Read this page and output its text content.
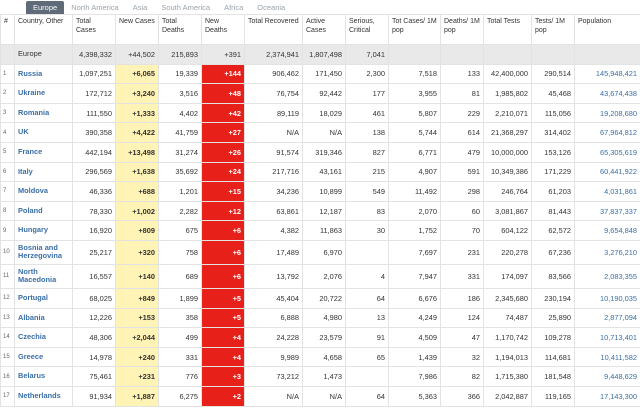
Europe	North America	Asia	South America	Africa	Oceania
#	Country, Other	Total Cases	New Cases	Total Deaths	New Deaths	Total Recovered	Active Cases	Serious, Critical	Tot Cases/ 1M pop	Deaths/ 1M pop	Total Tests	Tests/ 1M pop	Population
	Europe	4,398,332	+44,502	215,893	+391	2,374,941	1,807,498	7,041					
1	Russia	1,097,251	+6,065	19,339	+144	906,462	171,450	2,300	7,518	133	42,400,000	290,514	145,948,421
2	Ukraine	172,712	+3,240	3,516	+48	76,754	92,442	177	3,955	81	1,985,802	45,468	43,674,438
3	Romania	111,550	+1,333	4,402	+42	89,119	18,029	461	5,807	229	2,210,071	115,056	19,208,680
4	UK	390,358	+4,422	41,759	+27	N/A	N/A	138	5,744	614	21,368,297	314,402	67,964,812
5	France	442,194	+13,498	31,274	+26	91,574	319,346	827	6,771	479	10,000,000	153,126	65,305,619
6	Italy	296,569	+1,638	35,692	+24	217,716	43,161	215	4,907	591	10,349,386	171,229	60,441,922
7	Moldova	46,336	+688	1,201	+15	34,236	10,899	549	11,492	298	246,764	61,203	4,031,861
8	Poland	78,330	+1,002	2,282	+12	63,861	12,187	83	2,070	60	3,081,867	81,443	37,837,337
9	Hungary	16,920	+809	675	+6	4,382	11,863	30	1,752	70	604,122	62,572	9,654,848
10	Bosnia and Herzegovina	25,217	+320	758	+6	17,489	6,970		7,697	231	220,278	67,236	3,276,210
11	North Macedonia	16,557	+140	689	+6	13,792	2,076	4	7,947	331	174,097	83,566	2,083,355
12	Portugal	68,025	+849	1,899	+5	45,404	20,722	64	6,676	186	2,345,680	230,194	10,190,035
13	Albania	12,226	+153	358	+5	6,888	4,980	13	4,249	124	74,487	25,890	2,877,094
14	Czechia	48,306	+2,044	499	+4	24,228	23,579	91	4,509	47	1,170,742	109,278	10,713,401
15	Greece	14,978	+240	331	+4	9,989	4,658	65	1,439	32	1,194,013	114,681	10,411,582
16	Belarus	75,461	+231	776	+3	73,212	1,473		7,986	82	1,715,380	181,548	9,448,629
17	Netherlands	91,934	+1,887	6,275	+2	N/A	N/A	64	5,363	366	2,042,887	119,165	17,143,300
